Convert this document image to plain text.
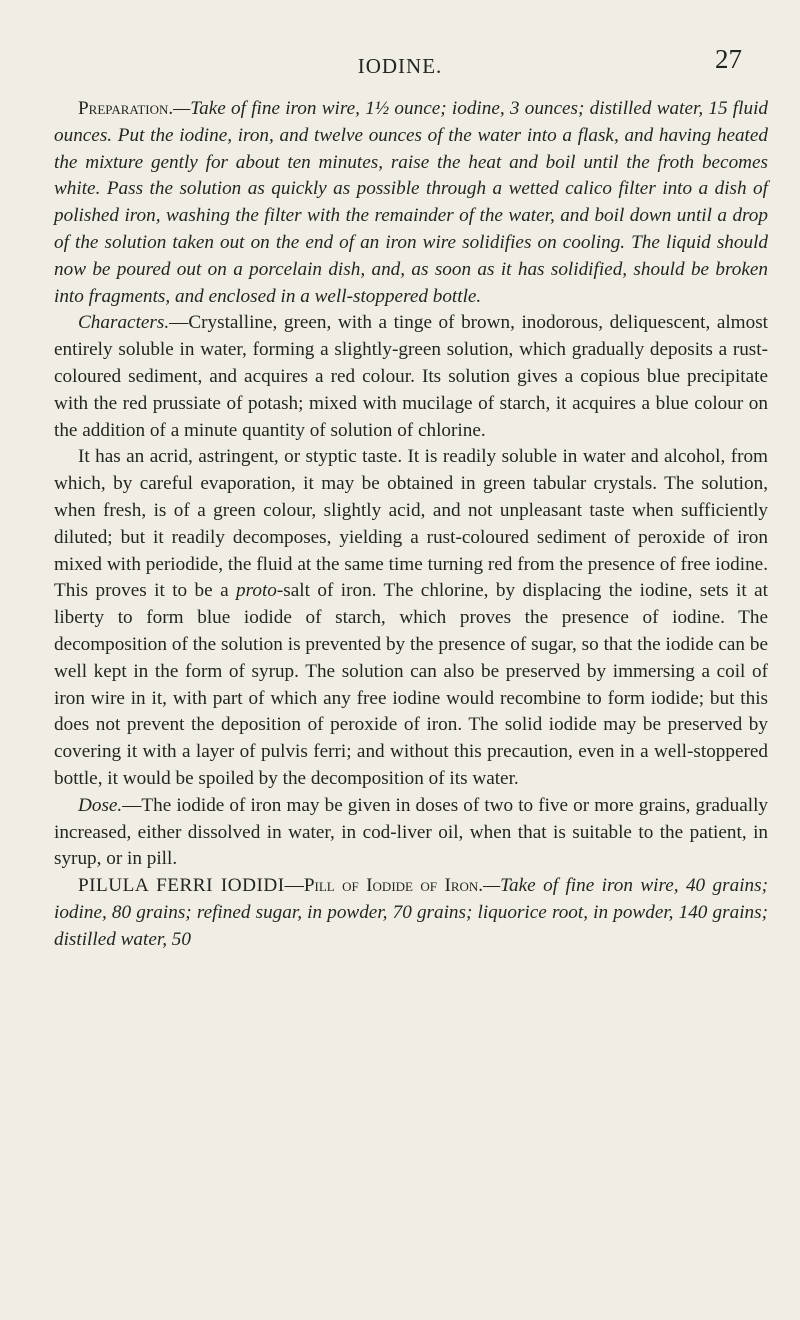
IODINE.	27

Preparation.—Take of fine iron wire, 1½ ounce; iodine, 3 ounces; distilled water, 15 fluid ounces. Put the iodine, iron, and twelve ounces of the water into a flask, and having heated the mixture gently for about ten minutes, raise the heat and boil until the froth becomes white. Pass the solution as quickly as possible through a wetted calico filter into a dish of polished iron, washing the filter with the remainder of the water, and boil down until a drop of the solution taken out on the end of an iron wire solidifies on cooling. The liquid should now be poured out on a porcelain dish, and, as soon as it has solidified, should be broken into fragments, and enclosed in a well-stoppered bottle.

Characters.—Crystalline, green, with a tinge of brown, inodorous, deliquescent, almost entirely soluble in water, forming a slightly-green solution, which gradually deposits a rust-coloured sediment, and acquires a red colour. Its solution gives a copious blue precipitate with the red prussiate of potash; mixed with mucilage of starch, it acquires a blue colour on the addition of a minute quantity of solution of chlorine.

It has an acrid, astringent, or styptic taste. It is readily soluble in water and alcohol, from which, by careful evaporation, it may be obtained in green tabular crystals. The solution, when fresh, is of a green colour, slightly acid, and not unpleasant taste when sufficiently diluted; but it readily decomposes, yielding a rust-coloured sediment of peroxide of iron mixed with periodide, the fluid at the same time turning red from the presence of free iodine. This proves it to be a proto-salt of iron. The chlorine, by displacing the iodine, sets it at liberty to form blue iodide of starch, which proves the presence of iodine. The decomposition of the solution is prevented by the presence of sugar, so that the iodide can be well kept in the form of syrup. The solution can also be preserved by immersing a coil of iron wire in it, with part of which any free iodine would recombine to form iodide; but this does not prevent the deposition of peroxide of iron. The solid iodide may be preserved by covering it with a layer of pulvis ferri; and without this precaution, even in a well-stoppered bottle, it would be spoiled by the decomposition of its water.

Dose.—The iodide of iron may be given in doses of two to five or more grains, gradually increased, either dissolved in water, in cod-liver oil, when that is suitable to the patient, in syrup, or in pill.

PILULA FERRI IODIDI—Pill of Iodide of Iron.—Take of fine iron wire, 40 grains; iodine, 80 grains; refined sugar, in powder, 70 grains; liquorice root, in powder, 140 grains; distilled water, 50
